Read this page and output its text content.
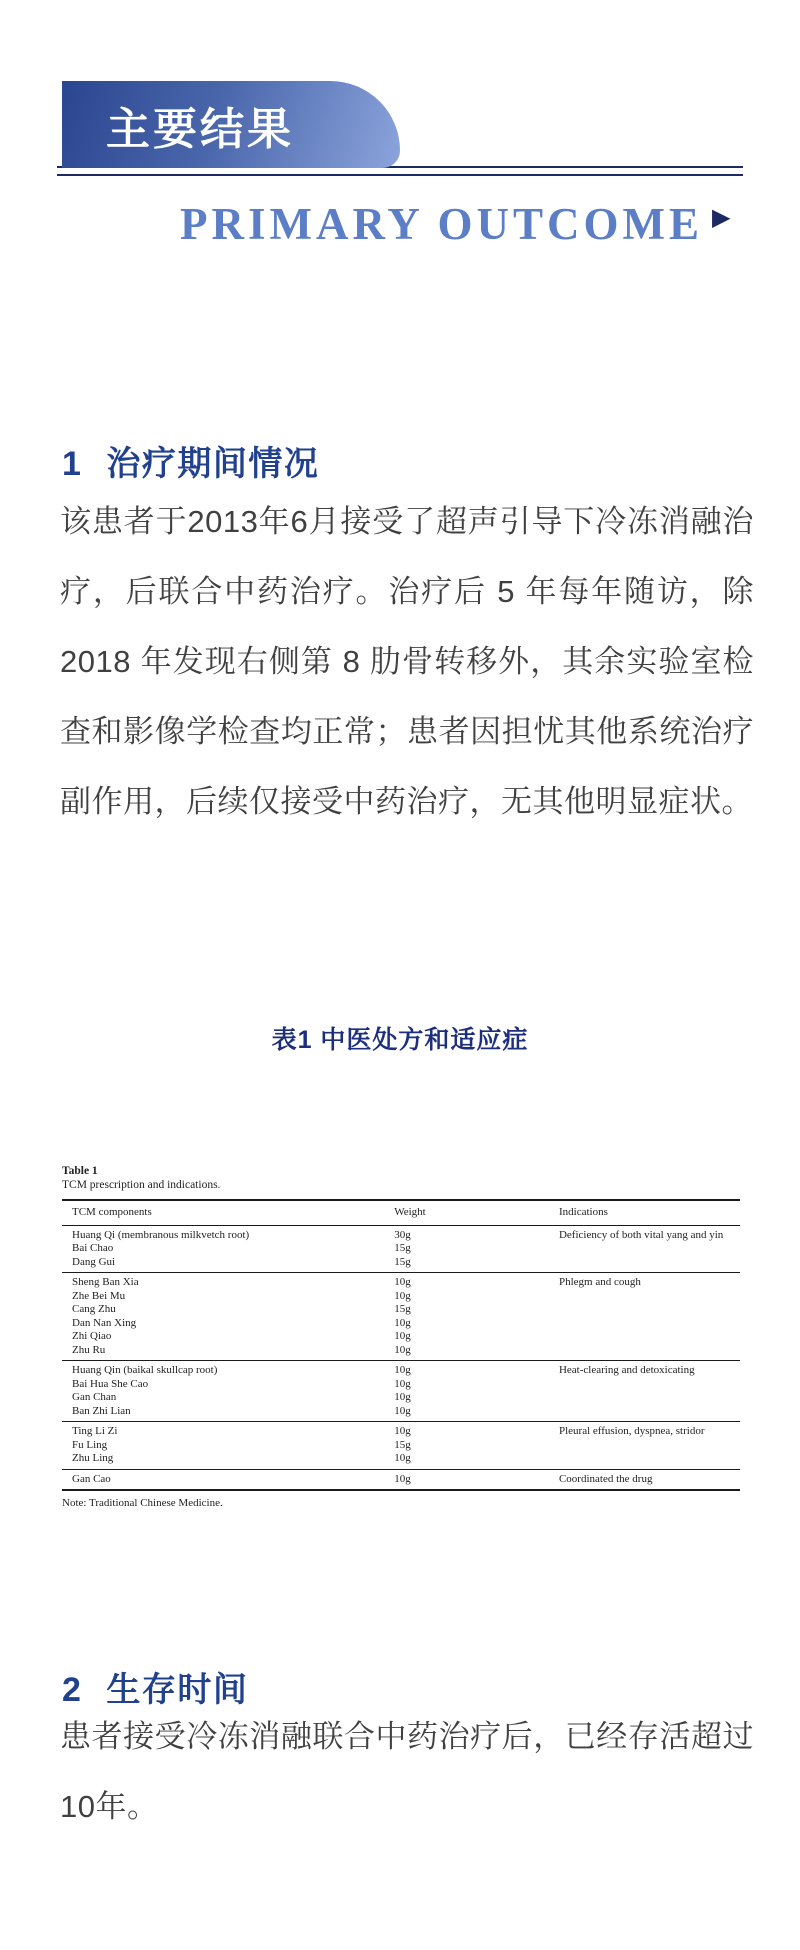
主要结果
PRIMARY OUTCOME ▶
1 治疗期间情况

该患者于2013年6月接受了超声引导下冷冻消融治疗，后联合中药治疗。治疗后 5 年每年随访，除 2018 年发现右侧第 8 肋骨转移外，其余实验室检查和影像学检查均正常；患者因担忧其他系统治疗副作用，后续仅接受中药治疗，无其他明显症状。

表1 中医处方和适应症
Table 1
TCM prescription and indications.
TCM components	Weight	Indications
Huang Qi (membranous milkvetch root)	30g	Deficiency of both vital yang and yin
Bai Chao	15g	
Dang Gui	15g	
Sheng Ban Xia	10g	Phlegm and cough
Zhe Bei Mu	10g	
Cang Zhu	15g	
Dan Nan Xing	10g	
Zhi Qiao	10g	
Zhu Ru	10g	
Huang Qin (baikal skullcap root)	10g	Heat-clearing and detoxicating
Bai Hua She Cao	10g	
Gan Chan	10g	
Ban Zhi Lian	10g	
Ting Li Zi	10g	Pleural effusion, dyspnea, stridor
Fu Ling	15g	
Zhu Ling	10g	
Gan Cao	10g	Coordinated the drug
Note: Traditional Chinese Medicine.
2 生存时间

患者接受冷冻消融联合中药治疗后，已经存活超过10年。
